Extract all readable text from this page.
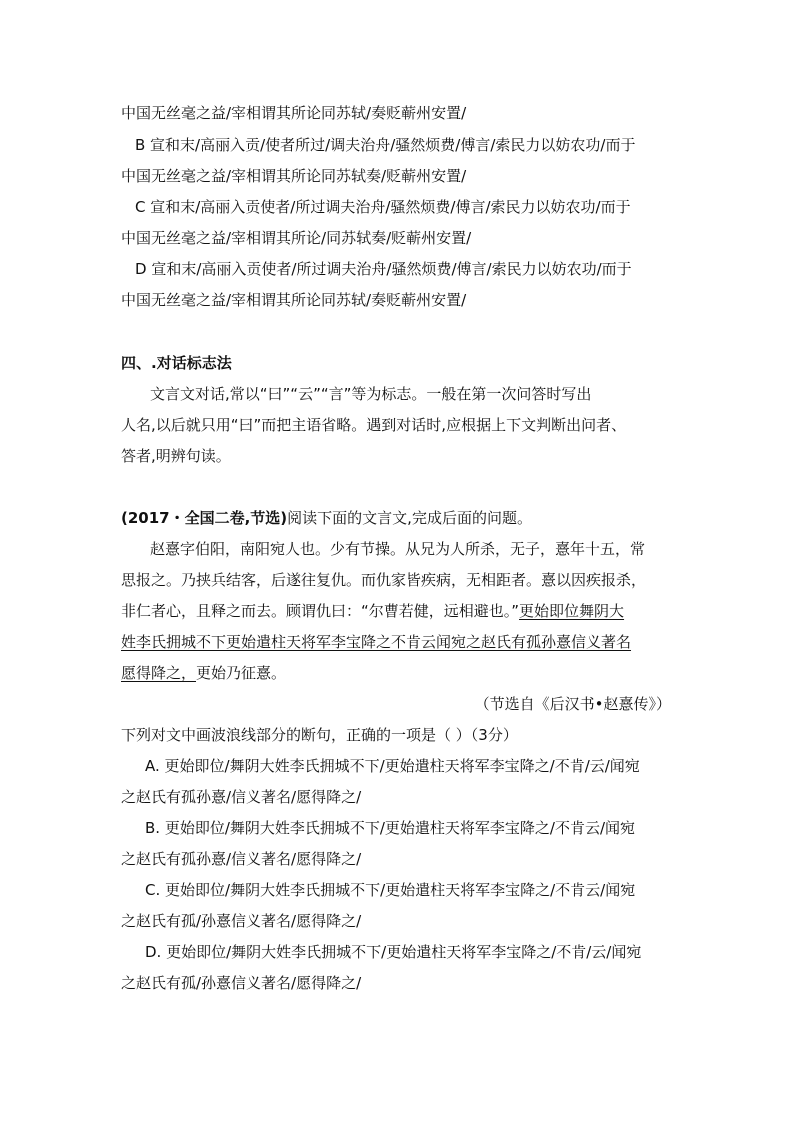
中国无丝毫之益/宰相谓其所论同苏轼/奏贬蕲州安置/
B 宣和末/高丽入贡/使者所过/调夫治舟/骚然烦费/傅言/索民力以妨农功/而于
中国无丝毫之益/宰相谓其所论同苏轼奏/贬蕲州安置/
C 宣和末/高丽入贡使者/所过调夫治舟/骚然烦费/傅言/索民力以妨农功/而于
中国无丝毫之益/宰相谓其所论/同苏轼奏/贬蕲州安置/
D 宣和末/高丽入贡使者/所过调夫治舟/骚然烦费/傅言/索民力以妨农功/而于
中国无丝毫之益/宰相谓其所论同苏轼/奏贬蕲州安置/
四、.对话标志法
文言文对话,常以“曰”“云”“言”等为标志。一般在第一次问答时写出
人名,以后就只用“曰”而把主语省略。遇到对话时,应根据上下文判断出问者、
答者,明辨句读。
(2017・全国二卷,节选)阅读下面的文言文,完成后面的问题。
赵憙字伯阳，南阳宛人也。少有节操。从兄为人所杀，无子，憙年十五，常
思报之。乃挟兵结客，后遂往复仇。而仇家皆疾病，无相距者。憙以因疾报杀，
非仁者心，且释之而去。顾谓仇曰：“尔曹若健，远相避也。”更始即位舞阴大
姓李氏拥城不下更始遣柱天将军李宝降之不肯云闻宛之赵氏有孤孙憙信义著名
愿得降之，更始乃征憙。
（节选自《后汉书•赵憙传》）
下列对文中画波浪线部分的断句，正确的一项是（ ）（3分）
A. 更始即位/舞阴大姓李氏拥城不下/更始遣柱天将军李宝降之/不肯/云/闻宛
之赵氏有孤孙憙/信义著名/愿得降之/
B. 更始即位/舞阴大姓李氏拥城不下/更始遣柱天将军李宝降之/不肯云/闻宛
之赵氏有孤孙憙/信义著名/愿得降之/
C. 更始即位/舞阴大姓李氏拥城不下/更始遣柱天将军李宝降之/不肯云/闻宛
之赵氏有孤/孙憙信义著名/愿得降之/
D. 更始即位/舞阴大姓李氏拥城不下/更始遣柱天将军李宝降之/不肯/云/闻宛
之赵氏有孤/孙憙信义著名/愿得降之/
